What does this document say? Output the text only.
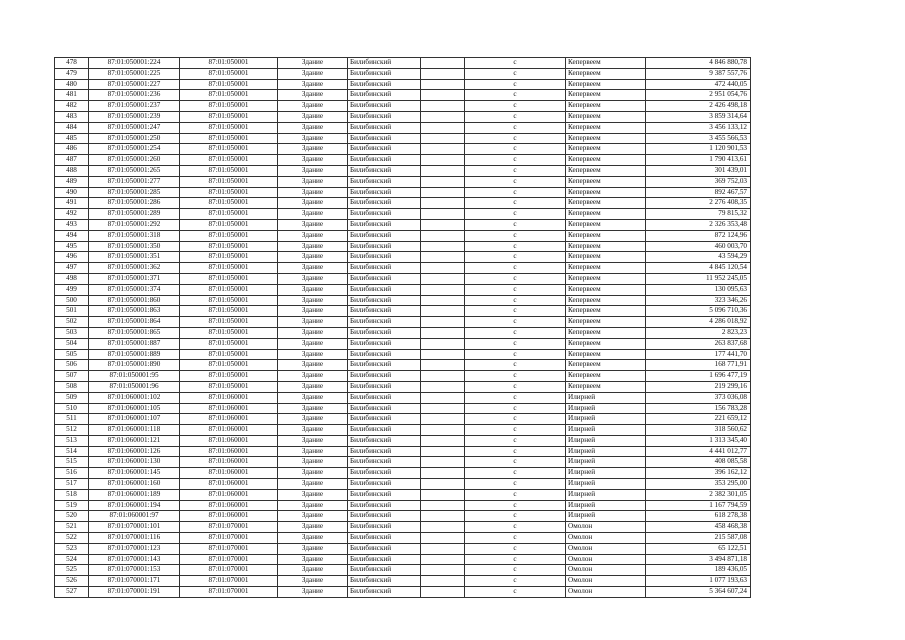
478	87:01:050001:224	87:01:050001	Здание	Билибинский		с	Кепервеем	4 846 880,78
479	87:01:050001:225	87:01:050001	Здание	Билибинский		с	Кепервеем	9 387 557,76
480	87:01:050001:227	87:01:050001	Здание	Билибинский		с	Кепервеем	472 440,05
481	87:01:050001:236	87:01:050001	Здание	Билибинский		с	Кепервеем	2 951 054,76
482	87:01:050001:237	87:01:050001	Здание	Билибинский		с	Кепервеем	2 426 498,18
483	87:01:050001:239	87:01:050001	Здание	Билибинский		с	Кепервеем	3 859 314,64
484	87:01:050001:247	87:01:050001	Здание	Билибинский		с	Кепервеем	3 456 133,12
485	87:01:050001:250	87:01:050001	Здание	Билибинский		с	Кепервеем	3 455 566,53
486	87:01:050001:254	87:01:050001	Здание	Билибинский		с	Кепервеем	1 120 901,53
487	87:01:050001:260	87:01:050001	Здание	Билибинский		с	Кепервеем	1 790 413,61
488	87:01:050001:265	87:01:050001	Здание	Билибинский		с	Кепервеем	301 439,01
489	87:01:050001:277	87:01:050001	Здание	Билибинский		с	Кепервеем	369 752,03
490	87:01:050001:285	87:01:050001	Здание	Билибинский		с	Кепервеем	892 467,57
491	87:01:050001:286	87:01:050001	Здание	Билибинский		с	Кепервеем	2 276 408,35
492	87:01:050001:289	87:01:050001	Здание	Билибинский		с	Кепервеем	79 815,32
493	87:01:050001:292	87:01:050001	Здание	Билибинский		с	Кепервеем	2 326 353,48
494	87:01:050001:318	87:01:050001	Здание	Билибинский		с	Кепервеем	872 124,96
495	87:01:050001:350	87:01:050001	Здание	Билибинский		с	Кепервеем	460 003,70
496	87:01:050001:351	87:01:050001	Здание	Билибинский		с	Кепервеем	43 594,29
497	87:01:050001:362	87:01:050001	Здание	Билибинский		с	Кепервеем	4 845 120,54
498	87:01:050001:371	87:01:050001	Здание	Билибинский		с	Кепервеем	11 952 245,05
499	87:01:050001:374	87:01:050001	Здание	Билибинский		с	Кепервеем	130 095,63
500	87:01:050001:860	87:01:050001	Здание	Билибинский		с	Кепервеем	323 346,26
501	87:01:050001:863	87:01:050001	Здание	Билибинский		с	Кепервеем	5 096 710,36
502	87:01:050001:864	87:01:050001	Здание	Билибинский		с	Кепервеем	4 286 018,92
503	87:01:050001:865	87:01:050001	Здание	Билибинский		с	Кепервеем	2 823,23
504	87:01:050001:887	87:01:050001	Здание	Билибинский		с	Кепервеем	263 837,68
505	87:01:050001:889	87:01:050001	Здание	Билибинский		с	Кепервеем	177 441,70
506	87:01:050001:890	87:01:050001	Здание	Билибинский		с	Кепервеем	168 771,91
507	87:01:050001:95	87:01:050001	Здание	Билибинский		с	Кепервеем	1 696 477,19
508	87:01:050001:96	87:01:050001	Здание	Билибинский		с	Кепервеем	219 299,16
509	87:01:060001:102	87:01:060001	Здание	Билибинский		с	Илирней	373 036,08
510	87:01:060001:105	87:01:060001	Здание	Билибинский		с	Илирней	156 783,28
511	87:01:060001:107	87:01:060001	Здание	Билибинский		с	Илирней	221 659,12
512	87:01:060001:118	87:01:060001	Здание	Билибинский		с	Илирней	318 560,62
513	87:01:060001:121	87:01:060001	Здание	Билибинский		с	Илирней	1 313 345,40
514	87:01:060001:126	87:01:060001	Здание	Билибинский		с	Илирней	4 441 012,77
515	87:01:060001:130	87:01:060001	Здание	Билибинский		с	Илирней	408 085,58
516	87:01:060001:145	87:01:060001	Здание	Билибинский		с	Илирней	396 162,12
517	87:01:060001:160	87:01:060001	Здание	Билибинский		с	Илирней	353 295,00
518	87:01:060001:189	87:01:060001	Здание	Билибинский		с	Илирней	2 382 301,05
519	87:01:060001:194	87:01:060001	Здание	Билибинский		с	Илирней	1 167 794,59
520	87:01:060001:97	87:01:060001	Здание	Билибинский		с	Илирней	618 278,38
521	87:01:070001:101	87:01:070001	Здание	Билибинский		с	Омолон	458 468,38
522	87:01:070001:116	87:01:070001	Здание	Билибинский		с	Омолон	215 587,08
523	87:01:070001:123	87:01:070001	Здание	Билибинский		с	Омолон	65 122,51
524	87:01:070001:143	87:01:070001	Здание	Билибинский		с	Омолон	3 494 871,18
525	87:01:070001:153	87:01:070001	Здание	Билибинский		с	Омолон	189 436,05
526	87:01:070001:171	87:01:070001	Здание	Билибинский		с	Омолон	1 077 193,63
527	87:01:070001:191	87:01:070001	Здание	Билибинский		с	Омолон	5 364 607,24
